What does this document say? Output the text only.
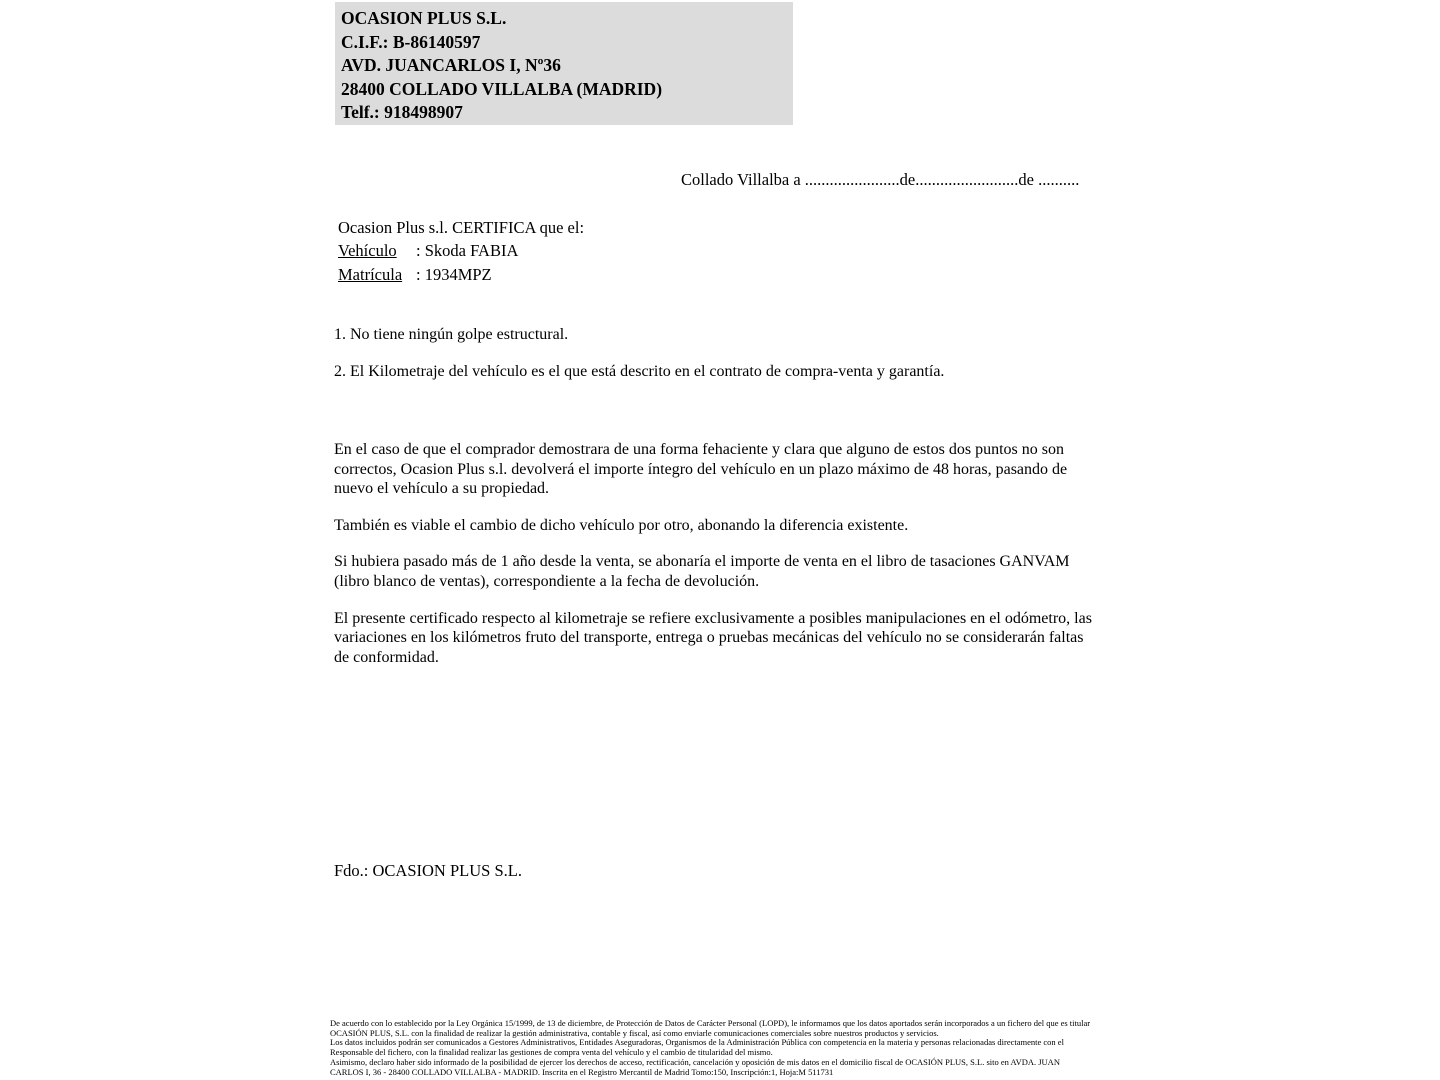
OCASION PLUS S.L.
C.I.F.: B-86140597
AVD. JUANCARLOS I, Nº36
28400 COLLADO VILLALBA (MADRID)
Telf.: 918498907
Collado Villalba a .......................de.........................de ..........
Ocasion Plus s.l. CERTIFICA que el:
Vehículo : Skoda FABIA
Matrícula : 1934MPZ

1. No tiene ningún golpe estructural.

2. El Kilometraje del vehículo es el que está descrito en el contrato de compra-venta y garantía.

En el caso de que el comprador demostrara de una forma fehaciente y clara que alguno de estos dos puntos no son correctos, Ocasion Plus s.l. devolverá el importe íntegro del vehículo en un plazo máximo de 48 horas, pasando de nuevo el vehículo a su propiedad.

También es viable el cambio de dicho vehículo por otro, abonando la diferencia existente.

Si hubiera pasado más de 1 año desde la venta, se abonaría el importe de venta en el libro de tasaciones GANVAM (libro blanco de ventas), correspondiente a la fecha de devolución.

El presente certificado respecto al kilometraje se refiere exclusivamente a posibles manipulaciones en el odómetro, las variaciones en los kilómetros fruto del transporte, entrega o pruebas mecánicas del vehículo no se considerarán faltas de conformidad.

Fdo.: OCASION PLUS S.L.
De acuerdo con lo establecido por la Ley Orgánica 15/1999, de 13 de diciembre, de Protección de Datos de Carácter Personal (LOPD), le informamos que los datos aportados serán incorporados a un fichero del que es titular
OCASIÓN PLUS, S.L. con la finalidad de realizar la gestión administrativa, contable y fiscal, así como enviarle comunicaciones comerciales sobre nuestros productos y servicios.
Los datos incluidos podrán ser comunicados a Gestores Administrativos, Entidades Aseguradoras, Organismos de la Administración Pública con competencia en la materia y personas relacionadas directamente con el
Responsable del fichero, con la finalidad realizar las gestiones de compra venta del vehículo y el cambio de titularidad del mismo.
Asimismo, declaro haber sido informado de la posibilidad de ejercer los derechos de acceso, rectificación, cancelación y oposición de mis datos en el domicilio fiscal de OCASIÓN PLUS, S.L. sito en AVDA. JUAN
CARLOS I, 36 - 28400 COLLADO VILLALBA - MADRID. Inscrita en el Registro Mercantil de Madrid Tomo:150, Inscripción:1, Hoja:M 511731
